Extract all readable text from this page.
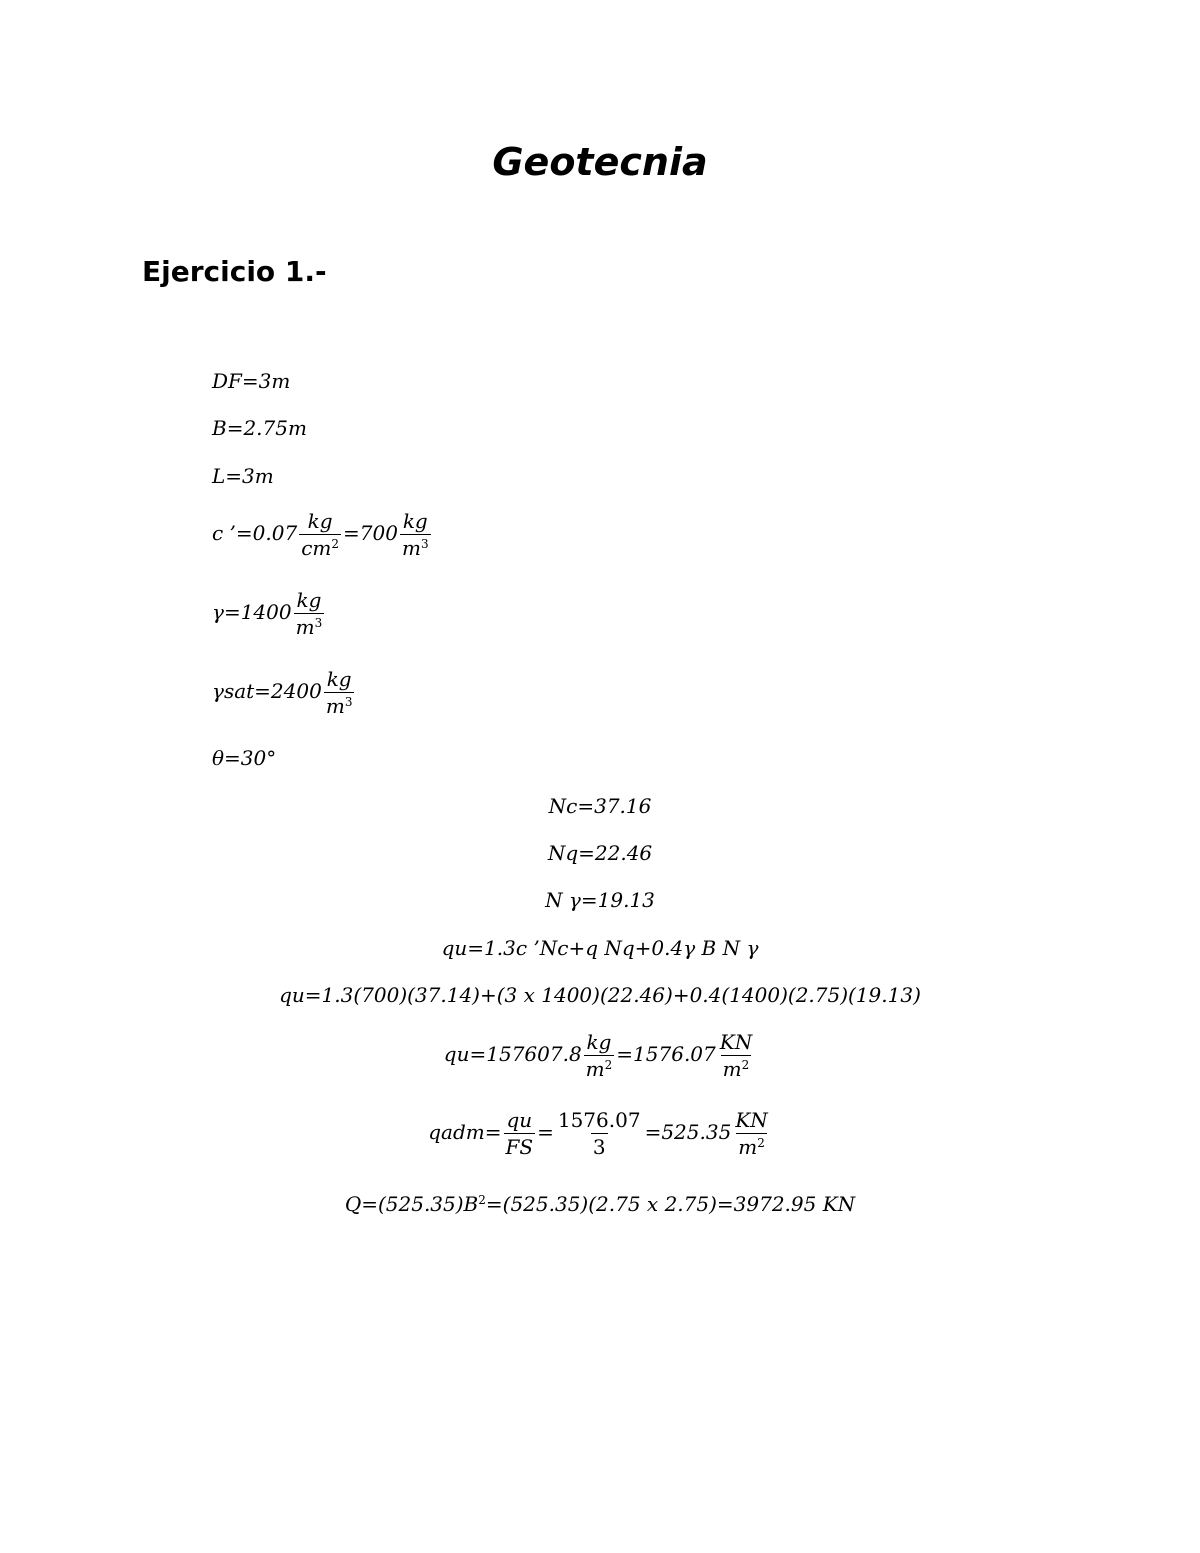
Geotecnia
Ejercicio 1.-
DF=3m
B=2.75m
L=3m
c ’=0.07 $\frac{kg}{cm^2} =700 \frac{kg}{m^3}$
$\gamma=1400 \frac{kg}{m^3}$
$\gamma sat=2400 \frac{kg}{m^3}$
θ=30°
Nc=37.16
Nq=22.46
N γ=19.13
qu=1.3c ’Nc+q Nq+0.4γ B N γ
qu=1.3(700)(37.14)+(3 x 1400)(22.46)+0.4(1400)(2.75)(19.13)
$qu=157607.8 \frac{kg}{m^2} =1576.07 \frac{KN}{m^2}$
qadm= $\frac{qu}{FS} = \frac{1576.07}{3} =525.35 \frac{KN}{m^2}$
$Q=(525.35)B^2=(525.35)(2.75$ x 2.75)=3972.95 KN
